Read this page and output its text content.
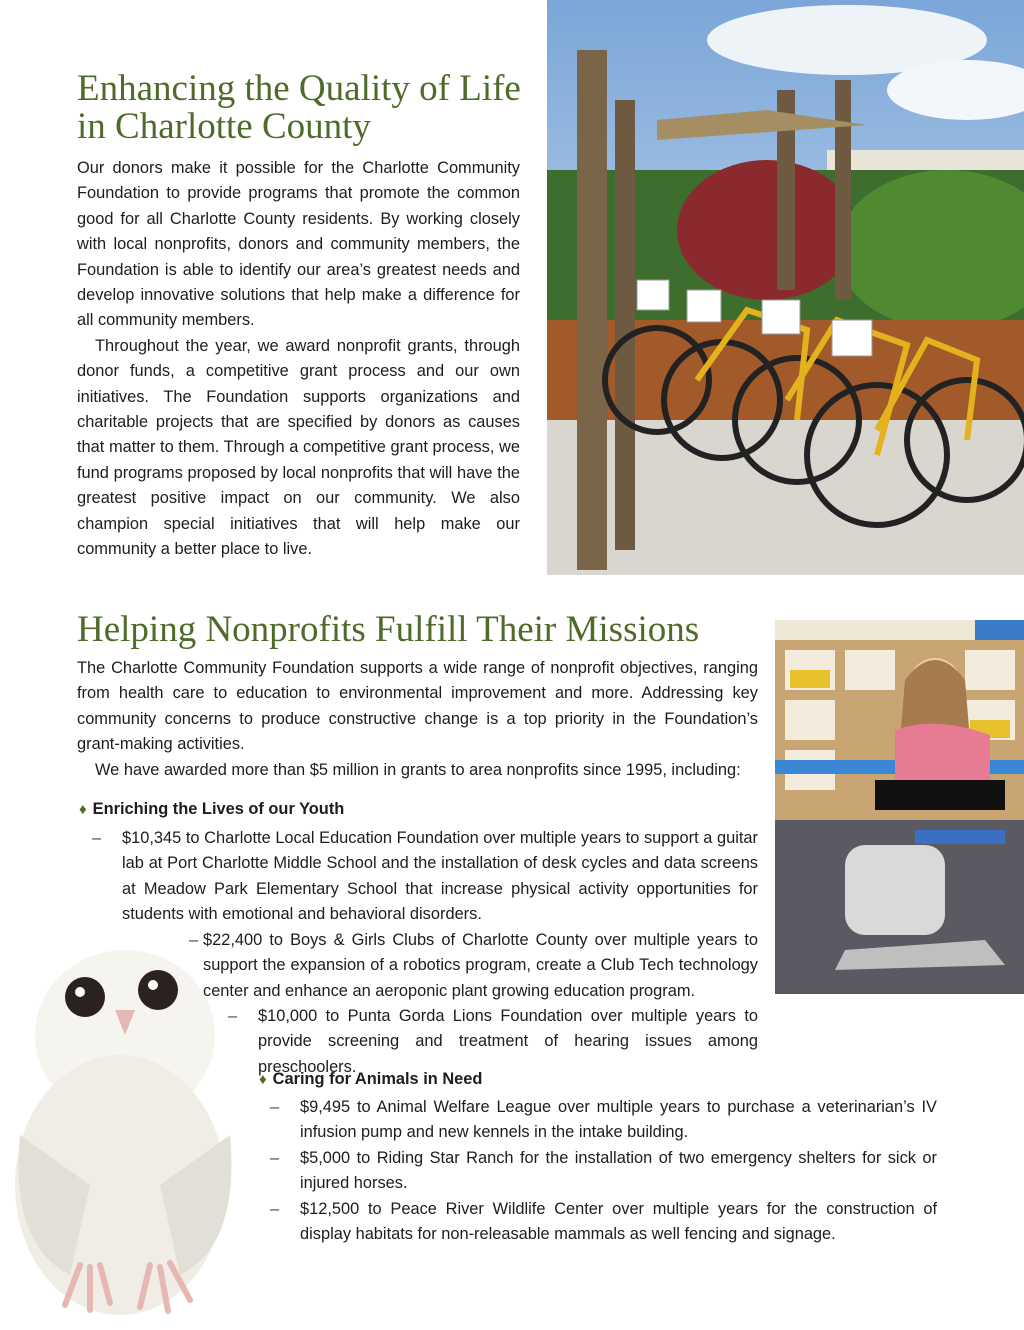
Enhancing the Quality of Life
in Charlotte County

Our donors make it possible for the Charlotte Community Foundation to provide programs that promote the common good for all Charlotte County residents. By working closely with local nonprofits, donors and community members, the Foundation is able to identify our area’s greatest needs and develop innovative solutions that help make a difference for all community members.

Throughout the year, we award nonprofit grants, through donor funds, a competitive grant process and our own initiatives. The Foundation supports organizations and charitable projects that are specified by donors as causes that matter to them. Through a competitive grant process, we fund programs proposed by local nonprofits that will have the greatest positive impact on our community. We also champion special initiatives that will help make our community a better place to live.

Helping Nonprofits Fulfill Their Missions

The Charlotte Community Foundation supports a wide range of nonprofit objectives, ranging from health care to education to environmental improvement and more. Addressing key community concerns to produce constructive change is a top priority in the Foundation’s grant-making activities.

We have awarded more than $5 million in grants to area nonprofits since 1995, including:

♦ Enriching the Lives of our Youth
– $10,345 to Charlotte Local Education Foundation over multiple years to support a guitar lab at Port Charlotte Middle School and the installation of desk cycles and data screens at Meadow Park Elementary School that increase physical activity opportunities for students with emotional and behavioral disorders.
– $22,400 to Boys & Girls Clubs of Charlotte County over multiple years to support the expansion of a robotics program, create a Club Tech technology center and enhance an aeroponic plant growing education program.
– $10,000 to Punta Gorda Lions Foundation over multiple years to provide screening and treatment of hearing issues among preschoolers.
♦ Caring for Animals in Need
– $9,495 to Animal Welfare League over multiple years to purchase a veterinarian’s IV infusion pump and new kennels in the intake building.
– $5,000 to Riding Star Ranch for the installation of two emergency shelters for sick or injured horses.
– $12,500 to Peace River Wildlife Center over multiple years for the construction of display habitats for non-releasable mammals as well fencing and signage.
